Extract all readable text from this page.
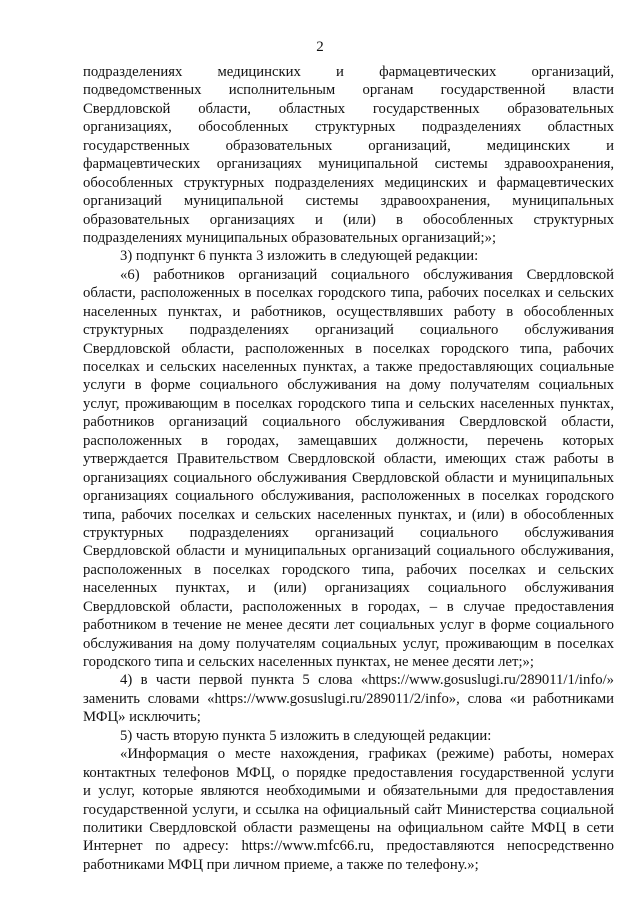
2
подразделениях медицинских и фармацевтических организаций,
подведомственных исполнительным органам государственной власти
Свердловской области, областных государственных образовательных
организациях, обособленных структурных подразделениях областных
государственных образовательных организаций, медицинских и
фармацевтических организациях муниципальной системы здравоохранения,
обособленных структурных подразделениях медицинских и фармацевтических
организаций муниципальной системы здравоохранения, муниципальных
образовательных организациях и (или) в обособленных структурных
подразделениях муниципальных образовательных организаций;»;
3) подпункт 6 пункта 3 изложить в следующей редакции:
«6) работников организаций социального обслуживания Свердловской
области, расположенных в поселках городского типа, рабочих поселках и сельских
населенных пунктах, и работников, осуществлявших работу в обособленных
структурных подразделениях организаций социального обслуживания
Свердловской области, расположенных в поселках городского типа, рабочих
поселках и сельских населенных пунктах, а также предоставляющих социальные
услуги в форме социального обслуживания на дому получателям социальных
услуг, проживающим в поселках городского типа и сельских населенных пунктах,
работников организаций социального обслуживания Свердловской области,
расположенных в городах, замещавших должности, перечень которых
утверждается Правительством Свердловской области, имеющих стаж работы в
организациях социального обслуживания Свердловской области и муниципальных
организациях социального обслуживания, расположенных в поселках городского
типа, рабочих поселках и сельских населенных пунктах, и (или) в обособленных
структурных подразделениях организаций социального обслуживания
Свердловской области и муниципальных организаций социального обслуживания,
расположенных в поселках городского типа, рабочих поселках и сельских
населенных пунктах, и (или) организациях социального обслуживания
Свердловской области, расположенных в городах, – в случае предоставления
работником в течение не менее десяти лет социальных услуг в форме социального
обслуживания на дому получателям социальных услуг, проживающим в поселках
городского типа и сельских населенных пунктах, не менее десяти лет;»;
4) в части первой пункта 5 слова «https://www.gosuslugi.ru/289011/1/info/»
заменить словами «https://www.gosuslugi.ru/289011/2/info», слова «и работниками
МФЦ» исключить;
5) часть вторую пункта 5 изложить в следующей редакции:
«Информация о месте нахождения, графиках (режиме) работы, номерах
контактных телефонов МФЦ, о порядке предоставления государственной услуги
и услуг, которые являются необходимыми и обязательными для предоставления
государственной услуги, и ссылка на официальный сайт Министерства социальной
политики Свердловской области размещены на официальном сайте МФЦ в сети
Интернет по адресу: https://www.mfc66.ru, предоставляются непосредственно
работниками МФЦ при личном приеме, а также по телефону.»;
